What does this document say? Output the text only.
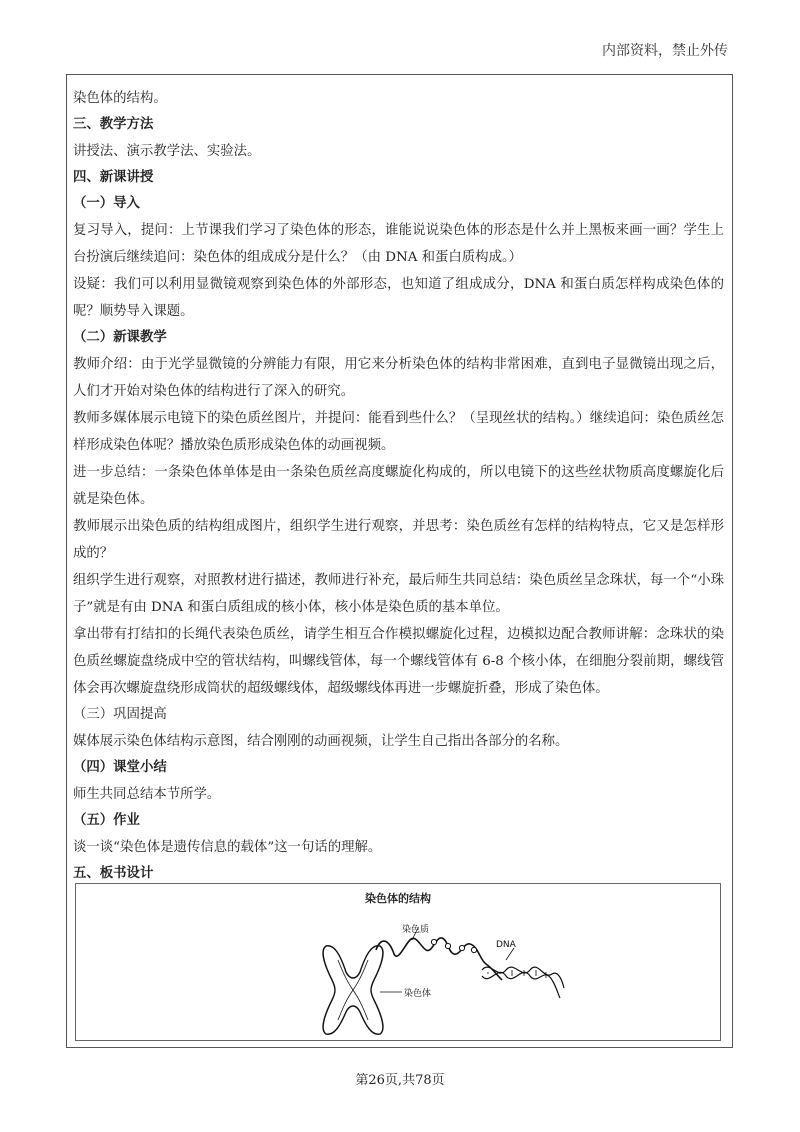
内部资料，禁止外传

染色体的结构。

三、教学方法

讲授法、演示教学法、实验法。

四、新课讲授

（一）导入

复习导入，提问：上节课我们学习了染色体的形态，谁能说说染色体的形态是什么并上黑板来画一画？学生上台扮演后继续追问：染色体的组成成分是什么？（由 DNA 和蛋白质构成。）

设疑：我们可以利用显微镜观察到染色体的外部形态，也知道了组成成分，DNA 和蛋白质怎样构成染色体的呢？顺势导入课题。

（二）新课教学

教师介绍：由于光学显微镜的分辨能力有限，用它来分析染色体的结构非常困难，直到电子显微镜出现之后，人们才开始对染色体的结构进行了深入的研究。

教师多媒体展示电镜下的染色质丝图片，并提问：能看到些什么？（呈现丝状的结构。）继续追问：染色质丝怎样形成染色体呢？播放染色质形成染色体的动画视频。

进一步总结：一条染色体单体是由一条染色质丝高度螺旋化构成的，所以电镜下的这些丝状物质高度螺旋化后就是染色体。

教师展示出染色质的结构组成图片，组织学生进行观察，并思考：染色质丝有怎样的结构特点，它又是怎样形成的？

组织学生进行观察，对照教材进行描述，教师进行补充，最后师生共同总结：染色质丝呈念珠状，每一个“小珠子”就是有由 DNA 和蛋白质组成的核小体，核小体是染色质的基本单位。

拿出带有打结扣的长绳代表染色质丝，请学生相互合作模拟螺旋化过程，边模拟边配合教师讲解：念珠状的染色质丝螺旋盘绕成中空的管状结构，叫螺线管体，每一个螺线管体有 6-8 个核小体，在细胞分裂前期，螺线管体会再次螺旋盘绕形成筒状的超级螺线体，超级螺线体再进一步螺旋折叠，形成了染色体。

（三）巩固提高

媒体展示染色体结构示意图，结合刚刚的动画视频，让学生自己指出各部分的名称。

（四）课堂小结

师生共同总结本节所学。

（五）作业

谈一谈“染色体是遗传信息的载体”这一句话的理解。

五、板书设计

染色体的结构
染色质
DNA
染色体
第26页,共78页
